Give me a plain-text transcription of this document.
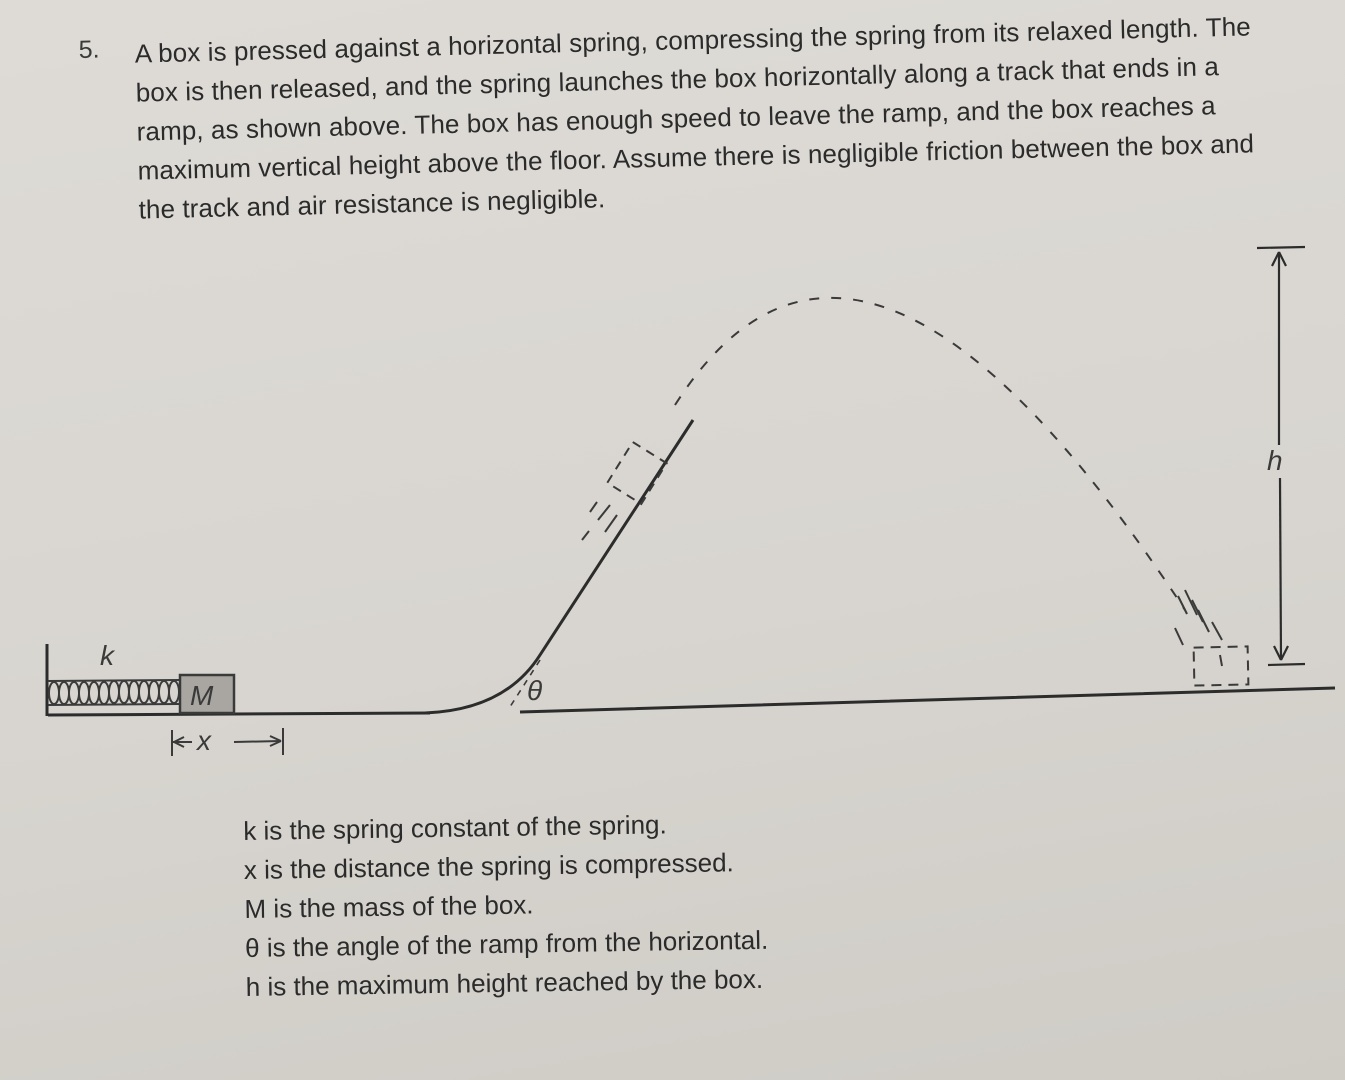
5. A box is pressed against a horizontal spring, compressing the spring from its relaxed length. The box is then released, and the spring launches the box horizontally along a track that ends in a ramp, as shown above. The box has enough speed to leave the ramp, and the box reaches a maximum vertical height above the floor. Assume there is negligible friction between the box and the track and air resistance is negligible.
k
M
x
θ
h
k is the spring constant of the spring.
x is the distance the spring is compressed.
M is the mass of the box.
θ is the angle of the ramp from the horizontal.
h is the maximum height reached by the box.
